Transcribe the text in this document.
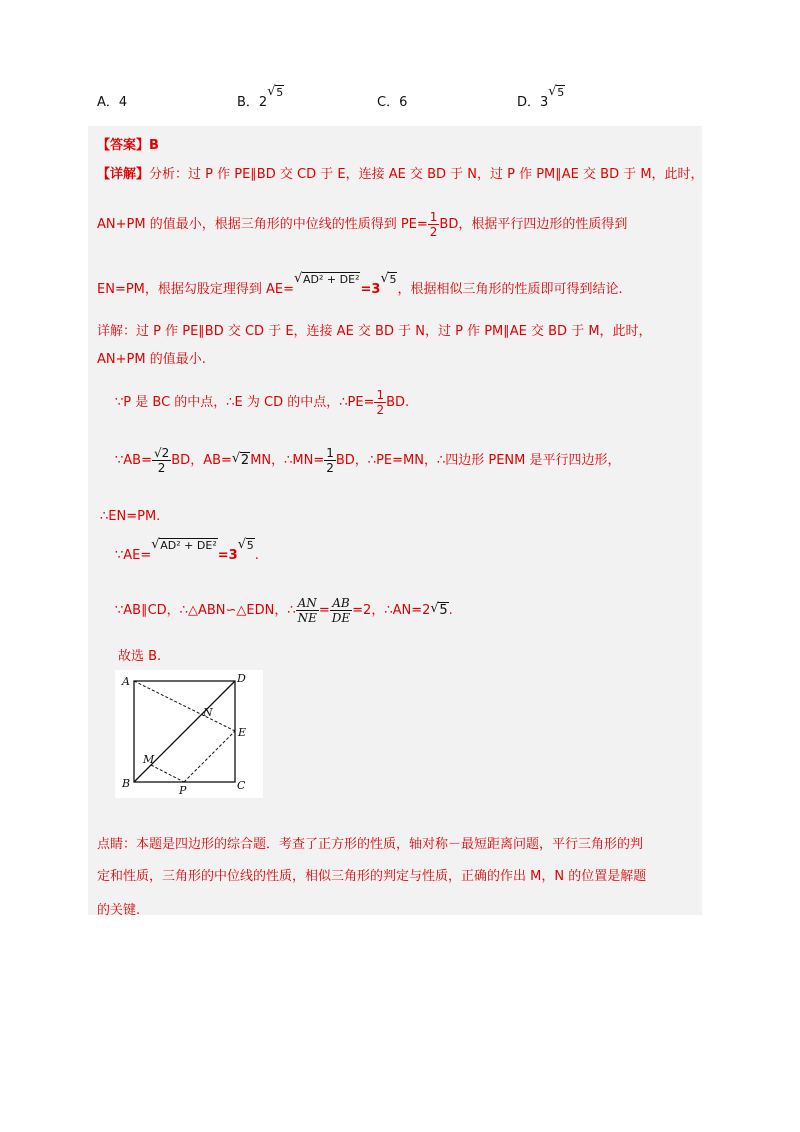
A．4	B．2√ 5
C．6	D．3√ 5
【答案】B
【详解】分析：过 P 作 PE∥BD 交 CD 于 E，连接 AE 交 BD 于 N，过 P 作 PM∥AE 交 BD 于 M，此时，
AN+PM 的值最小，根据三角形的中位线的性质得到 $PE= \frac{1}{2}$ BD，根据平行四边形的性质得到
EN=PM，根据勾股定理得到 AE=√ AD² + DE²=3√ 5，根据相似三角形的性质即可得到结论.
详解：过 P 作 PE∥BD 交 CD 于 E，连接 AE 交 BD 于 N，过 P 作 PM∥AE 交 BD 于 M，此时，
AN+PM 的值最小.
∵P 是 BC 的中点，∴E 为 CD 的中点，∴PE= $\frac{1}{2}$ BD.
∵AB= $\frac{√2}{2}$ BD，AB= √ 2MN，∴MN= $\frac{1}{2}$ BD，∴PE=MN，∴四边形 PENM 是平行四边形，
∴EN=PM.
∵AE=√ AD² + DE²=3√ 5.
∵AB∥CD，∴△ABN∽△EDN，∴ $\frac{AN}{NE} = \frac{AB}{DE} =2$，∴AN=2 √ 5.
故选 B.
A	D
N
E
M
B
P	C
点睛：本题是四边形的综合题．考查了正方形的性质，轴对称－最短距离问题，平行三角形的判
定和性质，三角形的中位线的性质，相似三角形的判定与性质，正确的作出 M，N 的位置是解题
的关键.
